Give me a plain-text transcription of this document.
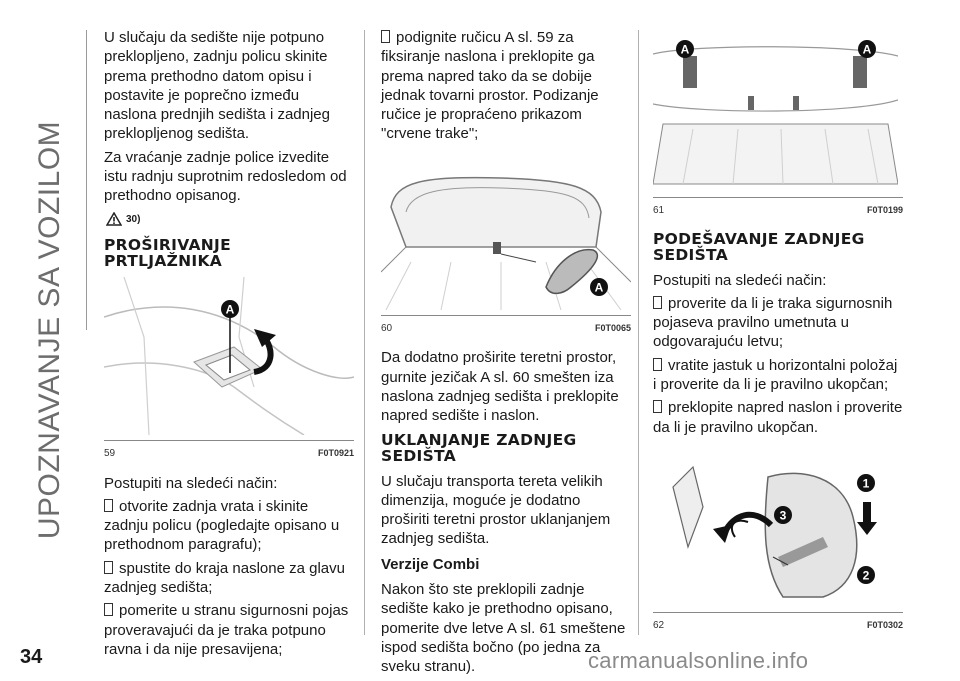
UPOZNAVANJE SA VOZILOM

U slučaju da sedište nije potpuno preklopljeno, zadnju policu skinite prema prethodno datom opisu i postavite je poprečno između naslona prednjih sedišta i zadnjeg preklopljenog sedišta.

Za vraćanje zadnje police izvedite istu radnju suprotnim redosledom od prethodno opisanog.

30)
PROŠIRIVANJE PRTLJAŽNIKA
A
59	F0T0921

Postupiti na sledeći način:

otvorite zadnja vrata i skinite zadnju policu (pogledajte opisano u prethodnom paragrafu);

spustite do kraja naslone za glavu zadnjeg sedišta;

pomerite u stranu sigurnosni pojas proveravajući da je traka potpuno ravna i da nije presavijena;

podignite ručicu A sl. 59 za fiksiranje naslona i preklopite ga prema napred tako da se dobije jednak tovarni prostor. Podizanje ručice je propraćeno prikazom "crvene trake";

A
60	F0T0065

Da dodatno proširite teretni prostor, gurnite jezičak A sl. 60 smešten iza naslona zadnjeg sedišta i preklopite napred sedište i naslon.

UKLANJANJE ZADNJEG SEDIŠTA

U slučaju transporta tereta velikih dimenzija, moguće je dodatno proširiti teretni prostor uklanjanjem zadnjeg sedišta.

Verzije Combi

Nakon što ste preklopili zadnje sedište kako je prethodno opisano, pomerite dve letve A sl. 61 smeštene ispod sedišta bočno (po jedna za sveku stranu).

A	A
61	F0T0199
PODEŠAVANJE ZADNJEG SEDIŠTA

Postupiti na sledeći način:

proverite da li je traka sigurnosnih pojaseva pravilno umetnuta u odgovarajuću letvu;

vratite jastuk u horizontalni položaj i proverite da li je pravilno ukopčan;

preklopite napred naslon i proverite da li je pravilno ukopčan.

1
2
3
62	F0T0302
34	carmanualsonline.info
